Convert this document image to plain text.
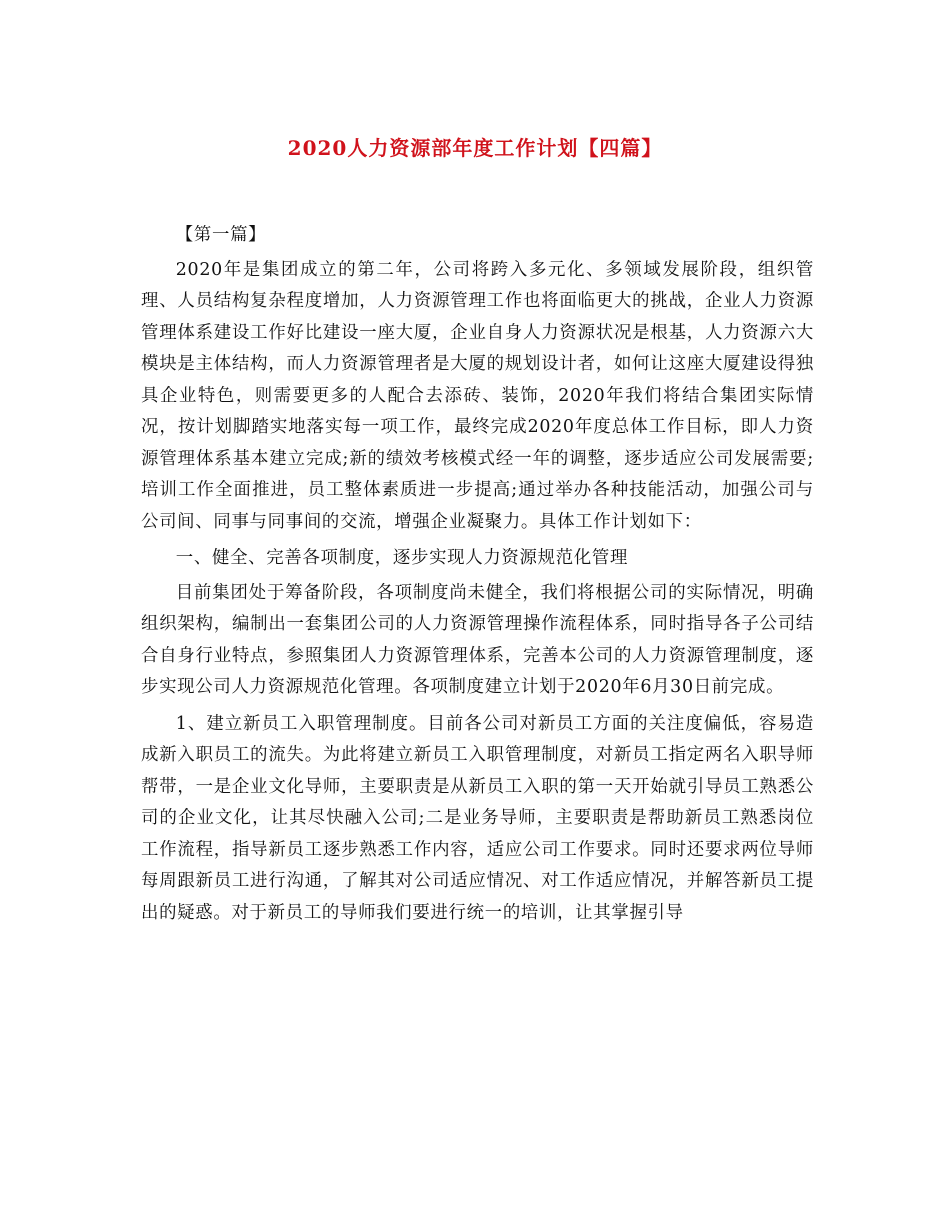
2020人力资源部年度工作计划【四篇】

【第一篇】

2020年是集团成立的第二年，公司将跨入多元化、多领域发展阶段，组织管理、人员结构复杂程度增加，人力资源管理工作也将面临更大的挑战，企业人力资源管理体系建设工作好比建设一座大厦，企业自身人力资源状况是根基，人力资源六大模块是主体结构，而人力资源管理者是大厦的规划设计者，如何让这座大厦建设得独具企业特色，则需要更多的人配合去添砖、装饰，2020年我们将结合集团实际情况，按计划脚踏实地落实每一项工作，最终完成2020年度总体工作目标，即人力资源管理体系基本建立完成;新的绩效考核模式经一年的调整，逐步适应公司发展需要;培训工作全面推进，员工整体素质进一步提高;通过举办各种技能活动，加强公司与公司间、同事与同事间的交流，增强企业凝聚力。具体工作计划如下：

一、健全、完善各项制度，逐步实现人力资源规范化管理

目前集团处于筹备阶段，各项制度尚未健全，我们将根据公司的实际情况，明确组织架构，编制出一套集团公司的人力资源管理操作流程体系，同时指导各子公司结合自身行业特点，参照集团人力资源管理体系，完善本公司的人力资源管理制度，逐步实现公司人力资源规范化管理。各项制度建立计划于2020年6月30日前完成。

1、建立新员工入职管理制度。目前各公司对新员工方面的关注度偏低，容易造成新入职员工的流失。为此将建立新员工入职管理制度，对新员工指定两名入职导师帮带，一是企业文化导师，主要职责是从新员工入职的第一天开始就引导员工熟悉公司的企业文化，让其尽快融入公司;二是业务导师，主要职责是帮助新员工熟悉岗位工作流程，指导新员工逐步熟悉工作内容，适应公司工作要求。同时还要求两位导师每周跟新员工进行沟通，了解其对公司适应情况、对工作适应情况，并解答新员工提出的疑惑。对于新员工的导师我们要进行统一的培训，让其掌握引导
